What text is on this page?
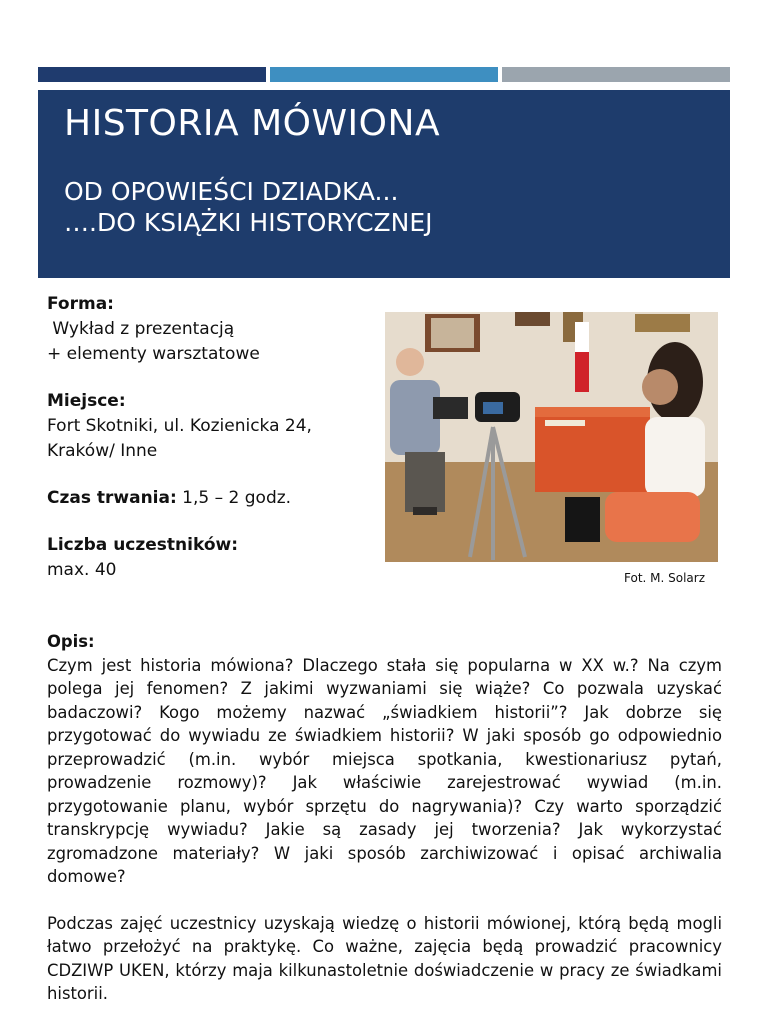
HISTORIA MÓWIONA
OD OPOWIEŚCI DZIADKA...
….DO KSIĄŻKI HISTORYCZNEJ
Forma:
Wykład z prezentacją
+ elementy warsztatowe
Miejsce:
Fort Skotniki, ul. Kozienicka 24,
Kraków/ Inne
Czas trwania: 1,5 – 2 godz.
Liczba uczestników:
max. 40	Fot. M. Solarz
Opis:

Czym jest historia mówiona? Dlaczego stała się popularna w XX w.? Na czym polega jej fenomen? Z jakimi wyzwaniami się wiąże? Co pozwala uzyskać badaczowi? Kogo możemy nazwać „świadkiem historii”? Jak dobrze się przygotować do wywiadu ze świadkiem historii? W jaki sposób go odpowiednio przeprowadzić (m.in. wybór miejsca spotkania, kwestionariusz pytań, prowadzenie rozmowy)? Jak właściwie zarejestrować wywiad (m.in. przygotowanie planu, wybór sprzętu do nagrywania)? Czy warto sporządzić transkrypcję wywiadu? Jakie są zasady jej tworzenia? Jak wykorzystać zgromadzone materiały? W jaki sposób zarchiwizować i opisać archiwalia domowe?

Podczas zajęć uczestnicy uzyskają wiedzę o historii mówionej, którą będą mogli łatwo przełożyć na praktykę. Co ważne, zajęcia będą prowadzić pracownicy CDZIWP UKEN, którzy maja kilkunastoletnie doświadczenie w pracy ze świadkami historii.
